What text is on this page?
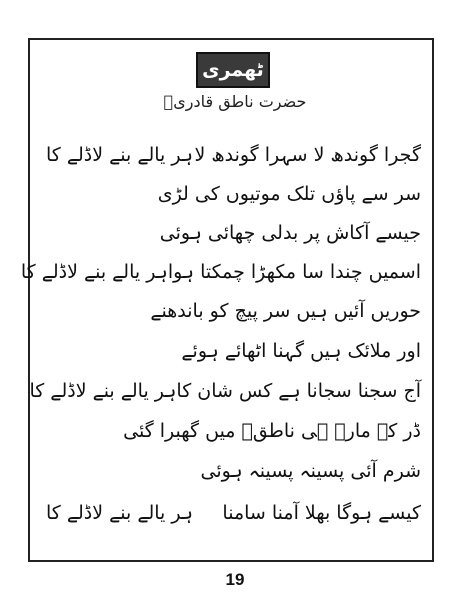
ٹھمری
حضرت ناطق قادریؒ
گجرا گوندھ لا سہرا گوندھ لا
ہر یالے بنے لاڈلے کا
سر سے پاؤں تلک موتیوں کی لڑی
جیسے آکاش پر بدلی چھائی ہوئی
اسمیں چندا سا مکھڑا چمکتا ہوا
ہر یالے بنے لاڈلے کا
حوریں آئیں ہیں سر پیچ کو باندھنے
اور ملائک ہیں گہنا اٹھائے ہوئے
آج سجنا سجانا ہے کس شان کا
ہر یالے بنے لاڈلے کا
ڈر کے مارے ہی ناطقؔ میں گھبرا گئی
شرم آئی پسینہ پسینہ ہوئی
کیسے ہوگا بھلا آمنا سامنا
ہر یالے بنے لاڈلے کا
19
